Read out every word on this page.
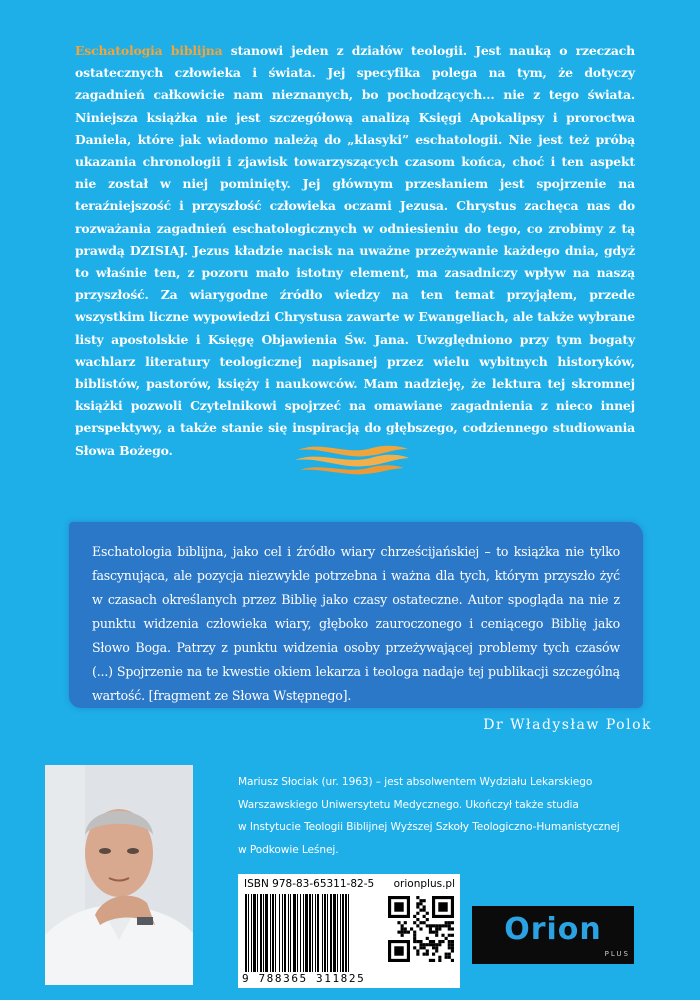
Eschatologia biblijna stanowi jeden z działów teologii. Jest nauką o rzeczach ostatecznych człowieka i świata. Jej specyfika polega na tym, że dotyczy zagadnień całkowicie nam nieznanych, bo pochodzących... nie z tego świata. Niniejsza książka nie jest szczegółową analizą Księgi Apokalipsy i proroctwa Daniela, które jak wiadomo należą do „klasyki” eschatologii. Nie jest też próbą ukazania chronologii i zjawisk towarzyszących czasom końca, choć i ten aspekt nie został w niej pominięty. Jej głównym przesłaniem jest spojrzenie na teraźniejszość i przyszłość człowieka oczami Jezusa. Chrystus zachęca nas do rozważania zagadnień eschatologicznych w odniesieniu do tego, co zrobimy z tą prawdą DZISIAJ. Jezus kładzie nacisk na uważne przeżywanie każdego dnia, gdyż to właśnie ten, z pozoru mało istotny element, ma zasadniczy wpływ na naszą przyszłość. Za wiarygodne źródło wiedzy na ten temat przyjąłem, przede wszystkim liczne wypowiedzi Chrystusa zawarte w Ewangeliach, ale także wybrane listy apostolskie i Księgę Objawienia Św. Jana. Uwzględniono przy tym bogaty wachlarz literatury teologicznej napisanej przez wielu wybitnych historyków, biblistów, pastorów, księży i naukowców. Mam nadzieję, że lektura tej skromnej książki pozwoli Czytelnikowi spojrzeć na omawiane zagadnienia z nieco innej perspektywy, a także stanie się inspiracją do głębszego, codziennego studiowania Słowa Bożego.
Eschatologia biblijna, jako cel i źródło wiary chrześcijańskiej – to książka nie tylko fascynująca, ale pozycja niezwykle potrzebna i ważna dla tych, którym przyszło żyć w czasach określanych przez Biblię jako czasy ostateczne. Autor spogląda na nie z punktu widzenia człowieka wiary, głęboko zauroczonego i ceniącego Biblię jako Słowo Boga. Patrzy z punktu widzenia osoby przeżywającej problemy tych czasów (...) Spojrzenie na te kwestie okiem lekarza i teologa nadaje tej publikacji szczególną wartość. [fragment ze Słowa Wstępnego].
Dr Władysław Polok
Mariusz Słociak (ur. 1963) – jest absolwentem Wydziału Lekarskiego
Warszawskiego Uniwersytetu Medycznego. Ukończył także studia
w Instytucie Teologii Biblijnej Wyższej Szkoły Teologiczno-Humanistycznej
w Podkowie Leśnej.
ISBN 978-83-65311-82-5 orionplus.pl
9 788365 311825
Orion
PLUS
